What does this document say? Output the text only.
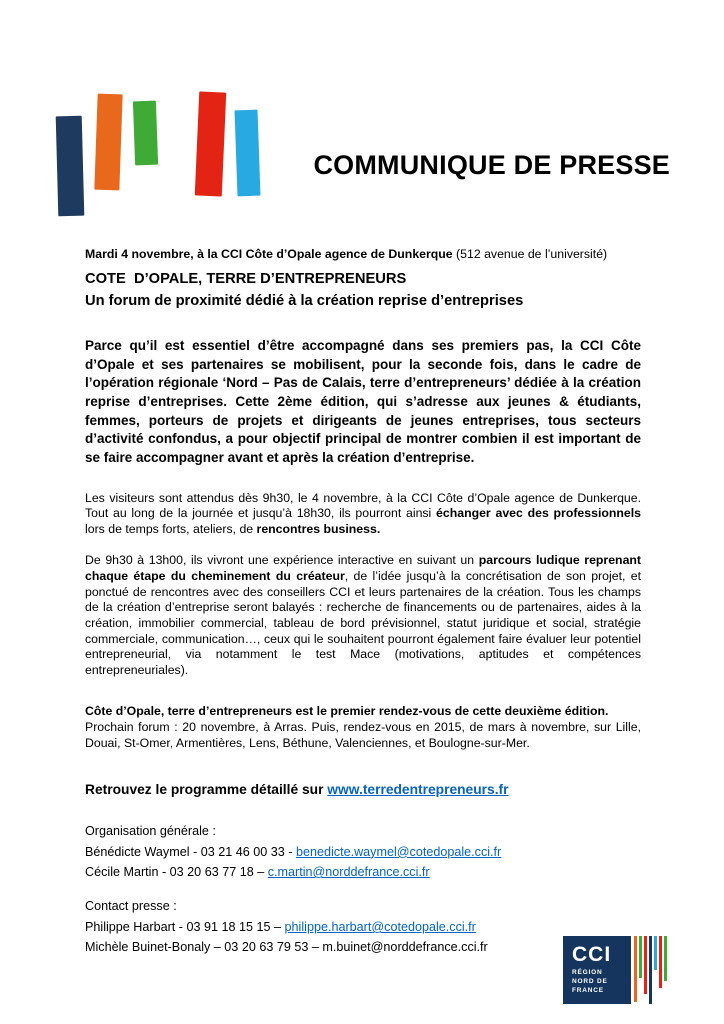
COMMUNIQUE DE PRESSE

Mardi 4 novembre, à la CCI Côte d’Opale agence de Dunkerque (512 avenue de l’université)

COTE  D’OPALE, TERRE D’ENTREPRENEURS
Un forum de proximité dédié à la création reprise d’entreprises

Parce qu’il est essentiel d’être accompagné dans ses premiers pas, la CCI Côte d’Opale et ses partenaires se mobilisent, pour la seconde fois, dans le cadre de l’opération régionale ‘Nord – Pas de Calais, terre d’entrepreneurs’ dédiée à la création reprise d’entreprises. Cette 2ème édition, qui s’adresse aux jeunes & étudiants, femmes, porteurs de projets et dirigeants de jeunes entreprises, tous secteurs d’activité confondus, a pour objectif principal de montrer combien il est important de se faire accompagner avant et après la création d’entreprise.

Les visiteurs sont attendus dès 9h30, le 4 novembre, à la CCI Côte d’Opale agence de Dunkerque. Tout au long de la journée et jusqu’à 18h30, ils pourront ainsi échanger avec des professionnels lors de temps forts, ateliers, de rencontres business.

De 9h30 à 13h00, ils vivront une expérience interactive en suivant un parcours ludique reprenant chaque étape du cheminement du créateur, de l’idée jusqu’à la concrétisation de son projet, et ponctué de rencontres avec des conseillers CCI et leurs partenaires de la création. Tous les champs de la création d’entreprise seront balayés : recherche de financements ou de partenaires, aides à la création, immobilier commercial, tableau de bord prévisionnel, statut juridique et social, stratégie commerciale, communication…, ceux qui le souhaitent pourront également faire évaluer leur potentiel entrepreneurial, via notamment le test Mace (motivations, aptitudes et compétences entrepreneuriales).

Côte d’Opale, terre d’entrepreneurs est le premier rendez-vous de cette deuxième édition.
Prochain forum : 20 novembre, à Arras. Puis, rendez-vous en 2015, de mars à novembre, sur Lille, Douai, St-Omer, Armentières, Lens, Béthune, Valenciennes, et Boulogne-sur-Mer.

Retrouvez le programme détaillé sur www.terredentrepreneurs.fr

Organisation générale :

Bénédicte Waymel - 03 21 46 00 33 - benedicte.waymel@cotedopale.cci.fr

Cécile Martin - 03 20 63 77 18 – c.martin@norddefrance.cci.fr

Contact presse :

Philippe Harbart - 03 91 18 15 15 – philippe.harbart@cotedopale.cci.fr

Michèle Buinet-Bonaly – 03 20 63 79 53 – m.buinet@norddefrance.cci.fr	CCI
RÉGION
NORD DE
FRANCE
